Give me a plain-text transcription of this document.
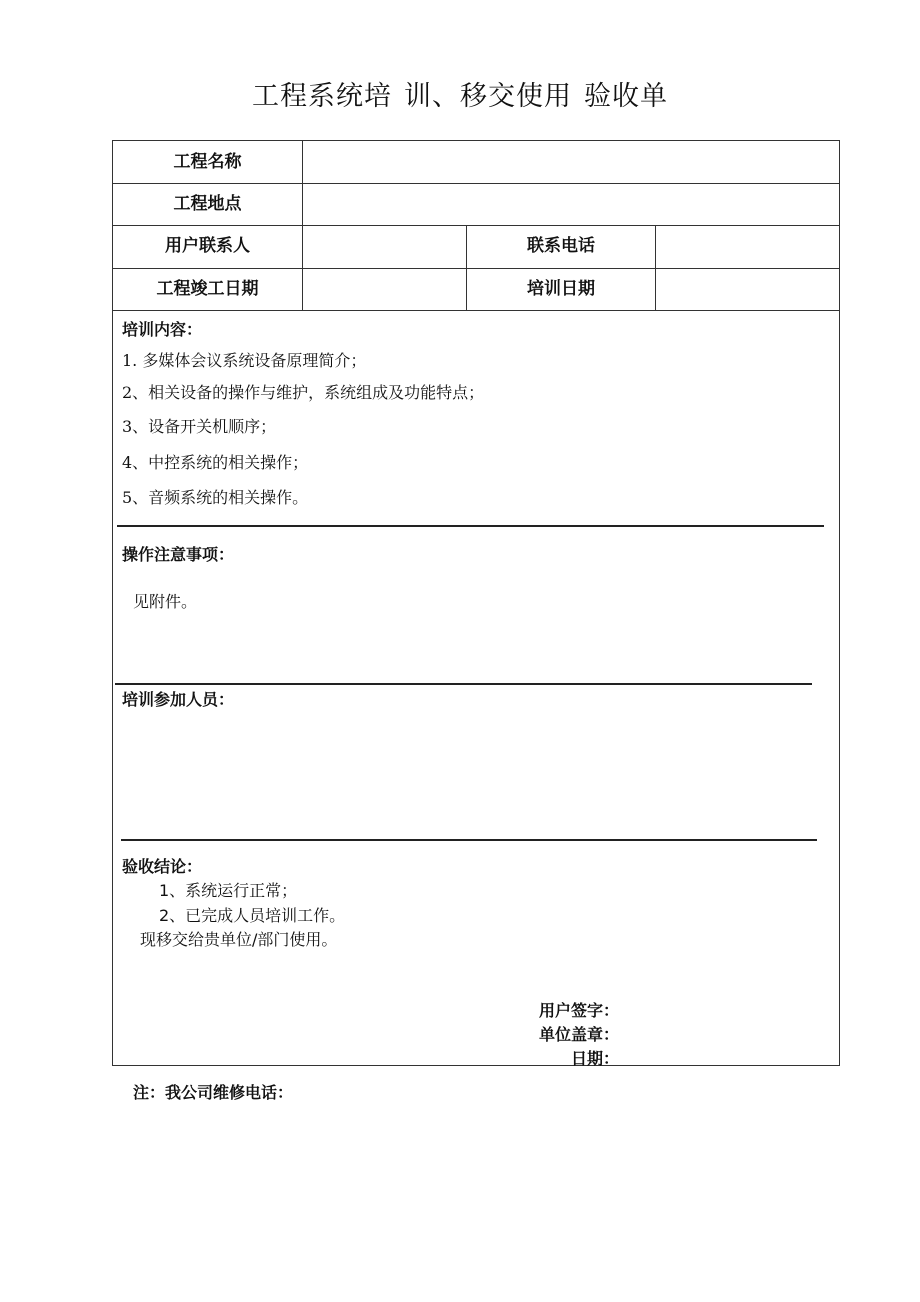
工程系统培 训、移交使用 验收单
工程名称
工程地点
用户联系人	联系电话
工程竣工日期	培训日期
培训内容：
1. 多媒体会议系统设备原理简介；
2、相关设备的操作与维护，系统组成及功能特点；
3、设备开关机顺序；
4、中控系统的相关操作；
5、音频系统的相关操作。
操作注意事项：
见附件。
培训参加人员：
验收结论：
1、系统运行正常；
2、已完成人员培训工作。
现移交给贵单位/部门使用。
用户签字：
单位盖章：
日期：
注：我公司维修电话：
